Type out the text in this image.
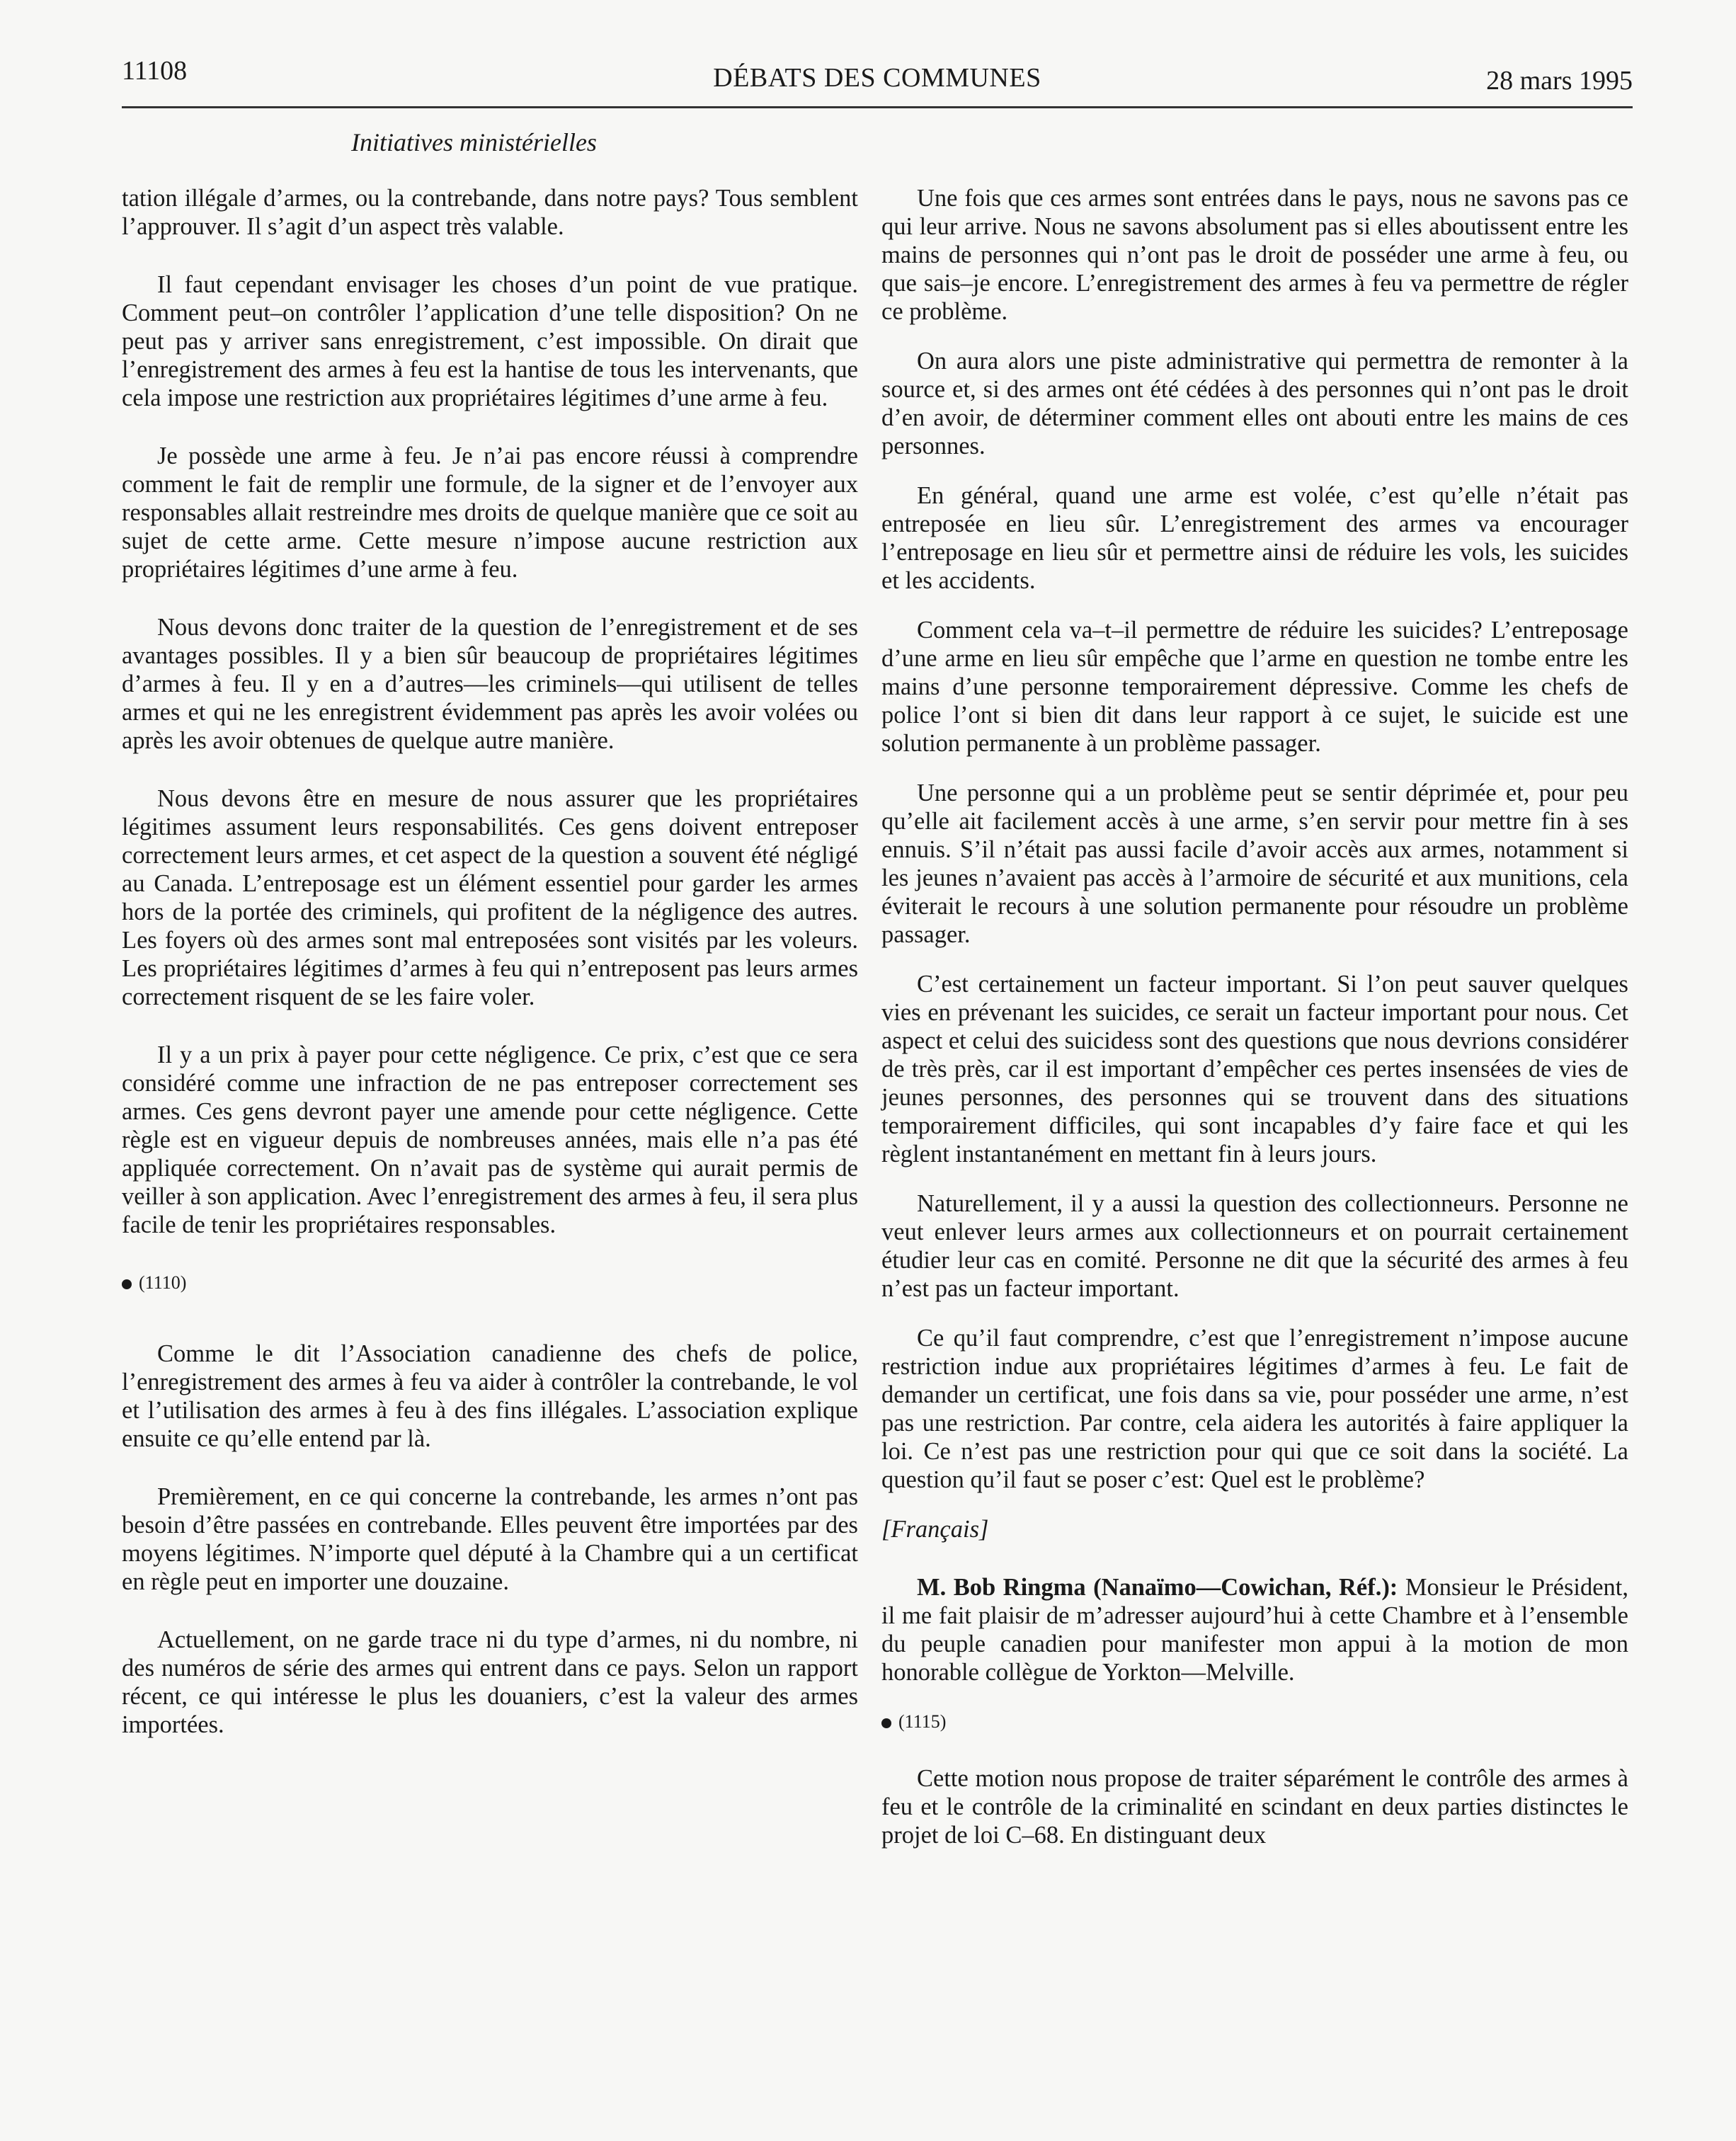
11108	DÉBATS DES COMMUNES	28 mars 1995
Initiatives ministérielles

tation illégale d’armes, ou la contrebande, dans notre pays? Tous semblent l’approuver. Il s’agit d’un aspect très valable.

Il faut cependant envisager les choses d’un point de vue pratique. Comment peut–on contrôler l’application d’une telle disposition? On ne peut pas y arriver sans enregistrement, c’est impossible. On dirait que l’enregistrement des armes à feu est la hantise de tous les intervenants, que cela impose une restriction aux propriétaires légitimes d’une arme à feu.

Je possède une arme à feu. Je n’ai pas encore réussi à comprendre comment le fait de remplir une formule, de la signer et de l’envoyer aux responsables allait restreindre mes droits de quelque manière que ce soit au sujet de cette arme. Cette mesure n’impose aucune restriction aux propriétaires légitimes d’une arme à feu.

Nous devons donc traiter de la question de l’enregistrement et de ses avantages possibles. Il y a bien sûr beaucoup de propriétaires légitimes d’armes à feu. Il y en a d’autres—les criminels—qui utilisent de telles armes et qui ne les enregistrent évidemment pas après les avoir volées ou après les avoir obtenues de quelque autre manière.

Nous devons être en mesure de nous assurer que les propriétaires légitimes assument leurs responsabilités. Ces gens doivent entreposer correctement leurs armes, et cet aspect de la question a souvent été négligé au Canada. L’entreposage est un élément essentiel pour garder les armes hors de la portée des criminels, qui profitent de la négligence des autres. Les foyers où des armes sont mal entreposées sont visités par les voleurs. Les propriétaires légitimes d’armes à feu qui n’entreposent pas leurs armes correctement risquent de se les faire voler.

Il y a un prix à payer pour cette négligence. Ce prix, c’est que ce sera considéré comme une infraction de ne pas entreposer correctement ses armes. Ces gens devront payer une amende pour cette négligence. Cette règle est en vigueur depuis de nombreuses années, mais elle n’a pas été appliquée correctement. On n’avait pas de système qui aurait permis de veiller à son application. Avec l’enregistrement des armes à feu, il sera plus facile de tenir les propriétaires responsables.

(1110)

Comme le dit l’Association canadienne des chefs de police, l’enregistrement des armes à feu va aider à contrôler la contrebande, le vol et l’utilisation des armes à feu à des fins illégales. L’association explique ensuite ce qu’elle entend par là.

Premièrement, en ce qui concerne la contrebande, les armes n’ont pas besoin d’être passées en contrebande. Elles peuvent être importées par des moyens légitimes. N’importe quel député à la Chambre qui a un certificat en règle peut en importer une douzaine.

Actuellement, on ne garde trace ni du type d’armes, ni du nombre, ni des numéros de série des armes qui entrent dans ce pays. Selon un rapport récent, ce qui intéresse le plus les douaniers, c’est la valeur des armes importées.

Une fois que ces armes sont entrées dans le pays, nous ne savons pas ce qui leur arrive. Nous ne savons absolument pas si elles aboutissent entre les mains de personnes qui n’ont pas le droit de posséder une arme à feu, ou que sais–je encore. L’enregistrement des armes à feu va permettre de régler ce problème.

On aura alors une piste administrative qui permettra de remonter à la source et, si des armes ont été cédées à des personnes qui n’ont pas le droit d’en avoir, de déterminer comment elles ont abouti entre les mains de ces personnes.

En général, quand une arme est volée, c’est qu’elle n’était pas entreposée en lieu sûr. L’enregistrement des armes va encourager l’entreposage en lieu sûr et permettre ainsi de réduire les vols, les suicides et les accidents.

Comment cela va–t–il permettre de réduire les suicides? L’entreposage d’une arme en lieu sûr empêche que l’arme en question ne tombe entre les mains d’une personne temporairement dépressive. Comme les chefs de police l’ont si bien dit dans leur rapport à ce sujet, le suicide est une solution permanente à un problème passager.

Une personne qui a un problème peut se sentir déprimée et, pour peu qu’elle ait facilement accès à une arme, s’en servir pour mettre fin à ses ennuis. S’il n’était pas aussi facile d’avoir accès aux armes, notamment si les jeunes n’avaient pas accès à l’armoire de sécurité et aux munitions, cela éviterait le recours à une solution permanente pour résoudre un problème passager.

C’est certainement un facteur important. Si l’on peut sauver quelques vies en prévenant les suicides, ce serait un facteur important pour nous. Cet aspect et celui des suicidess sont des questions que nous devrions considérer de très près, car il est important d’empêcher ces pertes insensées de vies de jeunes personnes, des personnes qui se trouvent dans des situations temporairement difficiles, qui sont incapables d’y faire face et qui les règlent instantanément en mettant fin à leurs jours.

Naturellement, il y a aussi la question des collectionneurs. Personne ne veut enlever leurs armes aux collectionneurs et on pourrait certainement étudier leur cas en comité. Personne ne dit que la sécurité des armes à feu n’est pas un facteur important.

Ce qu’il faut comprendre, c’est que l’enregistrement n’impose aucune restriction indue aux propriétaires légitimes d’armes à feu. Le fait de demander un certificat, une fois dans sa vie, pour posséder une arme, n’est pas une restriction. Par contre, cela aidera les autorités à faire appliquer la loi. Ce n’est pas une restriction pour qui que ce soit dans la société. La question qu’il faut se poser c’est: Quel est le problème?

[Français]

M. Bob Ringma (Nanaïmo—Cowichan, Réf.): Monsieur le Président, il me fait plaisir de m’adresser aujourd’hui à cette Chambre et à l’ensemble du peuple canadien pour manifester mon appui à la motion de mon honorable collègue de Yorkton—Melville.

(1115)

Cette motion nous propose de traiter séparément le contrôle des armes à feu et le contrôle de la criminalité en scindant en deux parties distinctes le projet de loi C–68. En distinguant deux
